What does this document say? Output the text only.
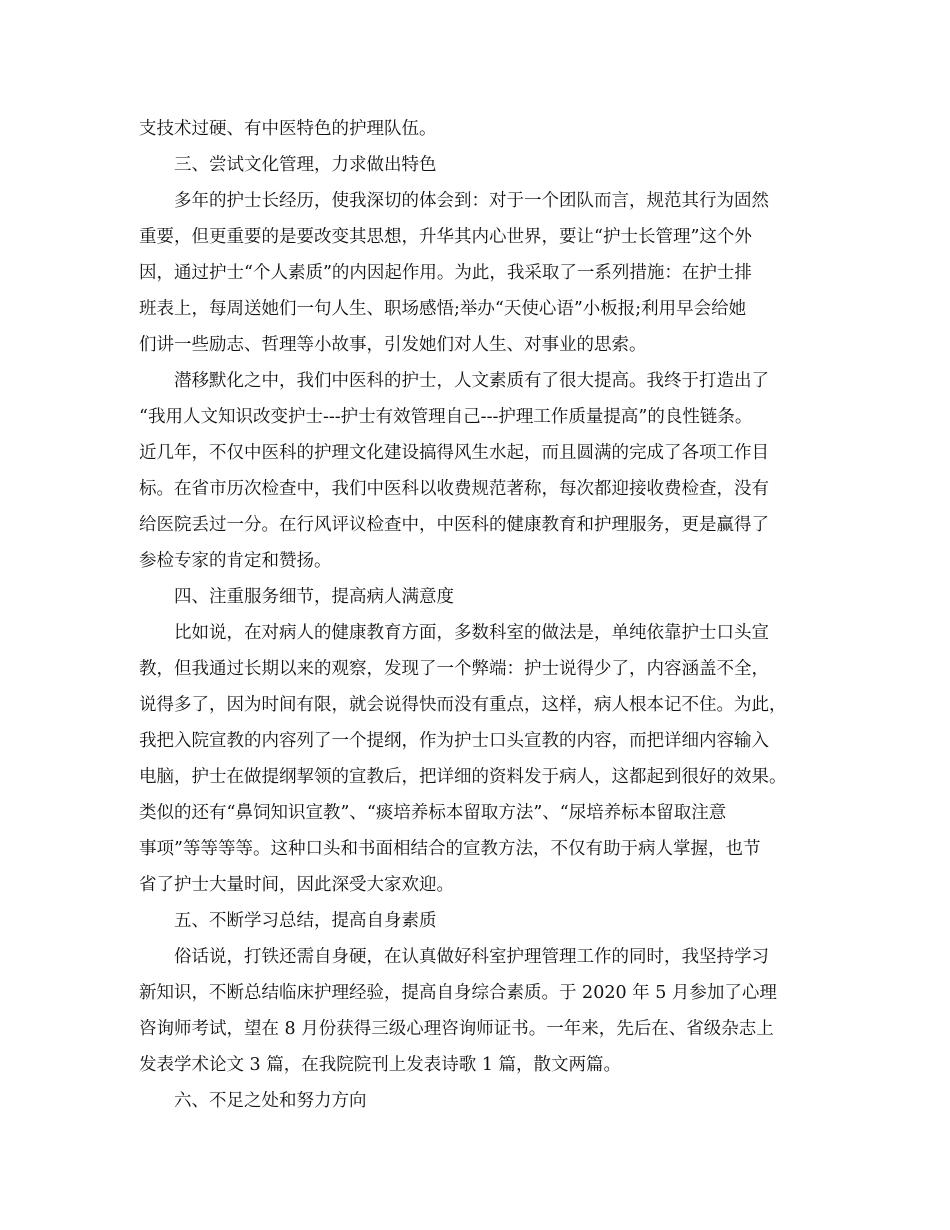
支技术过硬、有中医特色的护理队伍。
三、尝试文化管理，力求做出特色
多年的护士长经历，使我深切的体会到：对于一个团队而言，规范其行为固然
重要，但更重要的是要改变其思想，升华其内心世界，要让“护士长管理”这个外
因，通过护士“个人素质”的内因起作用。为此，我采取了一系列措施：在护士排
班表上，每周送她们一句人生、职场感悟;举办“天使心语”小板报;利用早会给她
们讲一些励志、哲理等小故事，引发她们对人生、对事业的思索。
潜移默化之中，我们中医科的护士，人文素质有了很大提高。我终于打造出了
“我用人文知识改变护士---护士有效管理自己---护理工作质量提高”的良性链条。
近几年，不仅中医科的护理文化建设搞得风生水起，而且圆满的完成了各项工作目
标。在省市历次检查中，我们中医科以收费规范著称，每次都迎接收费检查，没有
给医院丢过一分。在行风评议检查中，中医科的健康教育和护理服务，更是赢得了
参检专家的肯定和赞扬。
四、注重服务细节，提高病人满意度
比如说，在对病人的健康教育方面，多数科室的做法是，单纯依靠护士口头宣
教，但我通过长期以来的观察，发现了一个弊端：护士说得少了，内容涵盖不全，
说得多了，因为时间有限，就会说得快而没有重点，这样，病人根本记不住。为此，
我把入院宣教的内容列了一个提纲，作为护士口头宣教的内容，而把详细内容输入
电脑，护士在做提纲挈领的宣教后，把详细的资料发于病人，这都起到很好的效果。
类似的还有“鼻饲知识宣教”、“痰培养标本留取方法”、“尿培养标本留取注意
事项”等等等等。这种口头和书面相结合的宣教方法，不仅有助于病人掌握，也节
省了护士大量时间，因此深受大家欢迎。
五、不断学习总结，提高自身素质
俗话说，打铁还需自身硬，在认真做好科室护理管理工作的同时，我坚持学习
新知识，不断总结临床护理经验，提高自身综合素质。于 2020 年 5 月参加了心理
咨询师考试，望在 8 月份获得三级心理咨询师证书。一年来，先后在、省级杂志上
发表学术论文 3 篇，在我院院刊上发表诗歌 1 篇，散文两篇。
六、不足之处和努力方向
